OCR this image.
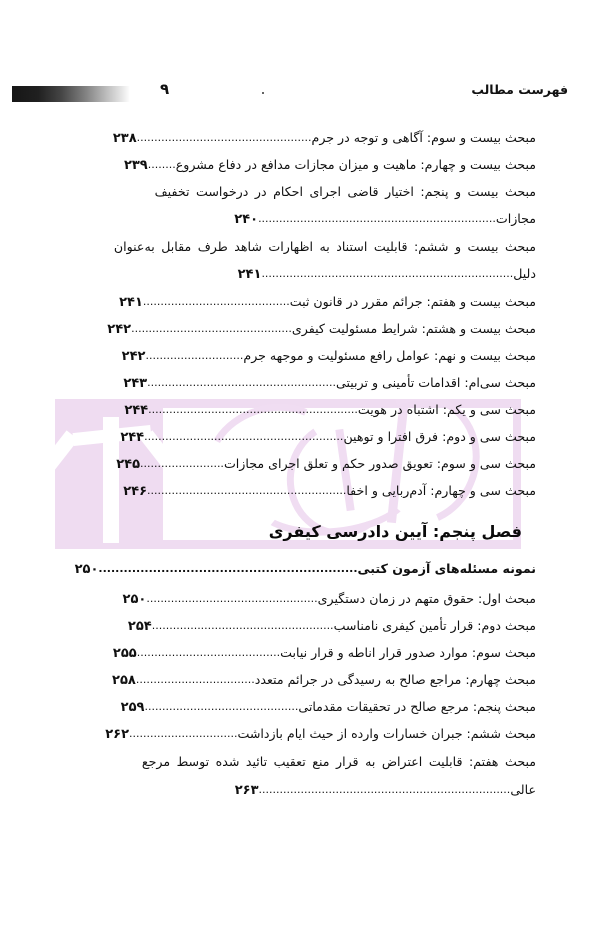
فهرست مطالب
۹
مبحث بیست و سوم: آگاهی و توجه در جرم..................................................۲۳۸
مبحث بیست و چهارم: ماهیت و میزان مجازات مدافع در دفاع مشروع........۲۳۹
مبحث بیست و پنجم: اختیار قاضی اجرای احکام در درخواست تخفیف
مجازات....................................................................۲۴۰
مبحث بیست و ششم: قابلیت استناد به اظهارات شاهد طرف مقابل به‌عنوان
دلیل........................................................................۲۴۱
مبحث بیست و هفتم: جرائم مقرر در قانون ثبت..........................................۲۴۱
مبحث بیست و هشتم: شرایط مسئولیت کیفری..............................................۲۴۲
مبحث بیست و نهم: عوامل رافع مسئولیت و موجهه جرم............................۲۴۲
مبحث سی‌ام: اقدامات تأمینی و تربیتی......................................................۲۴۳
مبحث سی و یکم: اشتباه در هویت............................................................۲۴۴
مبحث سی و دوم: فرق افترا و توهین.........................................................۲۴۴
مبحث سی و سوم: تعویق صدور حکم و تعلق اجرای مجازات........................۲۴۵
مبحث سی و چهارم: آدم‌ربایی و اخفا.........................................................۲۴۶
فصل پنجم: آیین دادرسی کیفری
نمونه مسئله‌های آزمون کتبی..............................................................۲۵۰
مبحث اول: حقوق متهم در زمان دستگیری.................................................۲۵۰
مبحث دوم: قرار تأمین کیفری نامناسب....................................................۲۵۴
مبحث سوم: موارد صدور قرار اناطه و قرار نیابت.........................................۲۵۵
مبحث چهارم: مراجع صالح به رسیدگی در جرائم متعدد..................................۲۵۸
مبحث پنجم: مرجع صالح در تحقیقات مقدماتی............................................۲۵۹
مبحث ششم: جبران خسارات وارده از حیث ایام بازداشت...............................۲۶۲
مبحث هفتم: قابلیت اعتراض به قرار منع تعقیب تائید شده توسط مرجع
عالی........................................................................۲۶۳
